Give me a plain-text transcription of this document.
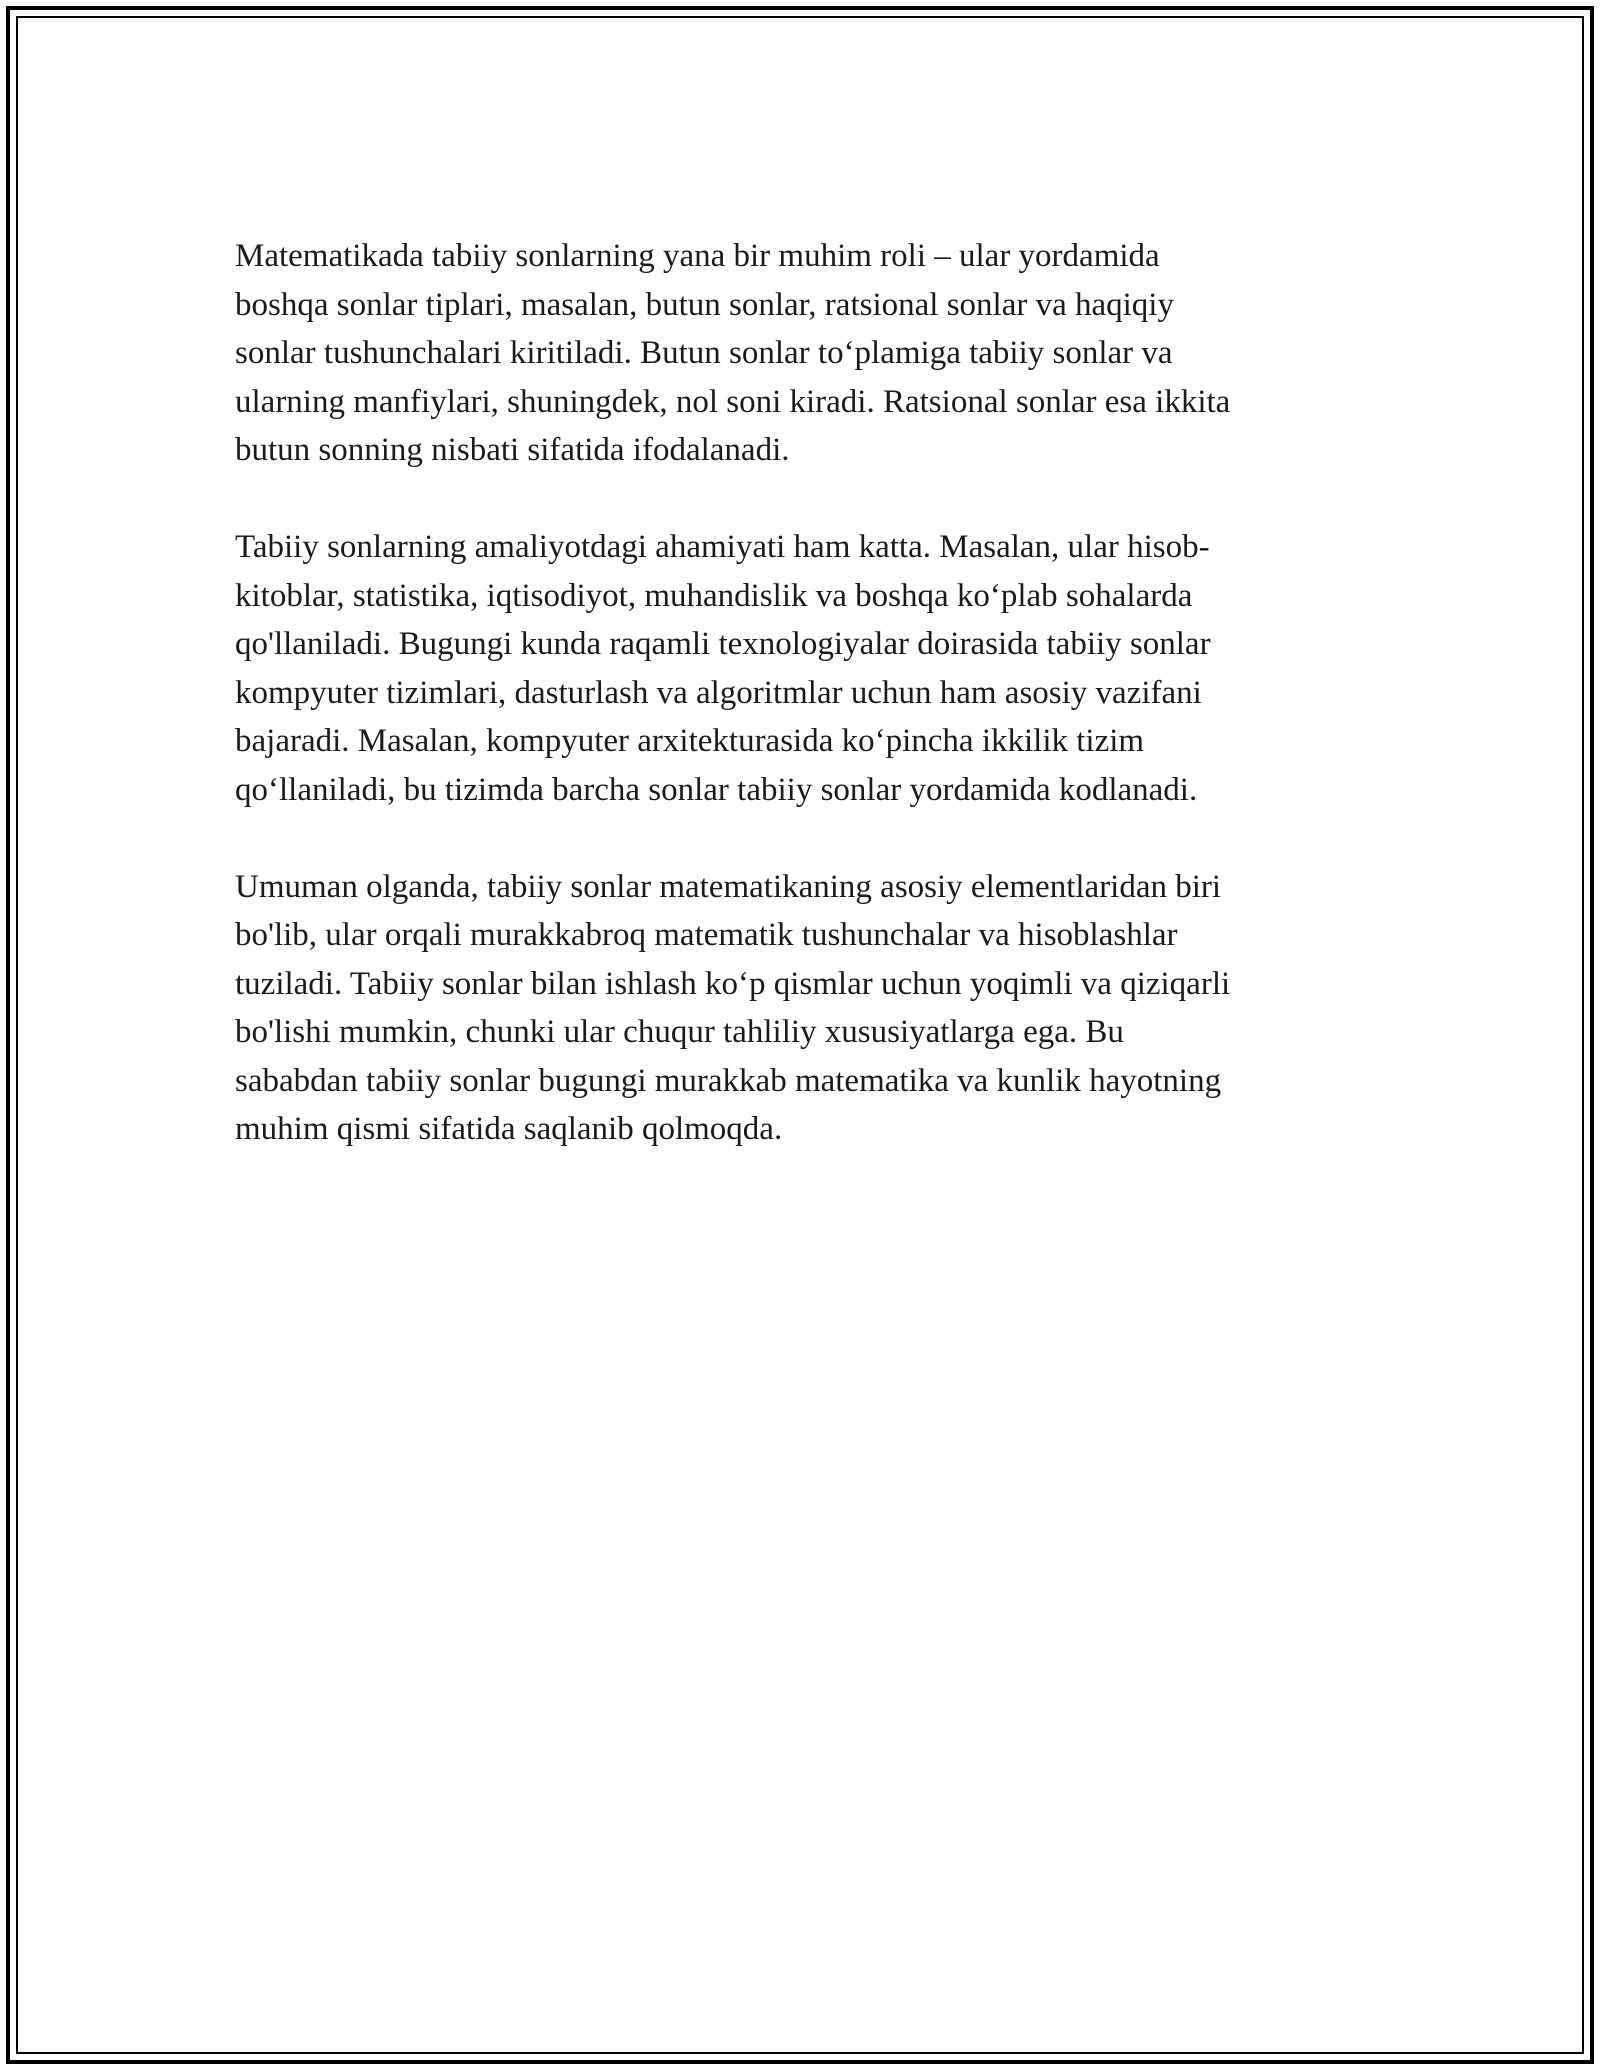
Matematikada tabiiy sonlarning yana bir muhim roli – ular yordamida
boshqa sonlar tiplari, masalan, butun sonlar, ratsional sonlar va haqiqiy
sonlar tushunchalari kiritiladi. Butun sonlar to‘plamiga tabiiy sonlar va
ularning manfiylari, shuningdek, nol soni kiradi. Ratsional sonlar esa ikkita
butun sonning nisbati sifatida ifodalanadi.

Tabiiy sonlarning amaliyotdagi ahamiyati ham katta. Masalan, ular hisob-
kitoblar, statistika, iqtisodiyot, muhandislik va boshqa ko‘plab sohalarda
qo'llaniladi. Bugungi kunda raqamli texnologiyalar doirasida tabiiy sonlar
kompyuter tizimlari, dasturlash va algoritmlar uchun ham asosiy vazifani
bajaradi. Masalan, kompyuter arxitekturasida ko‘pincha ikkilik tizim
qo‘llaniladi, bu tizimda barcha sonlar tabiiy sonlar yordamida kodlanadi.

Umuman olganda, tabiiy sonlar matematikaning asosiy elementlaridan biri
bo'lib, ular orqali murakkabroq matematik tushunchalar va hisoblashlar
tuziladi. Tabiiy sonlar bilan ishlash ko‘p qismlar uchun yoqimli va qiziqarli
bo'lishi mumkin, chunki ular chuqur tahliliy xususiyatlarga ega. Bu
sababdan tabiiy sonlar bugungi murakkab matematika va kunlik hayotning
muhim qismi sifatida saqlanib qolmoqda.
